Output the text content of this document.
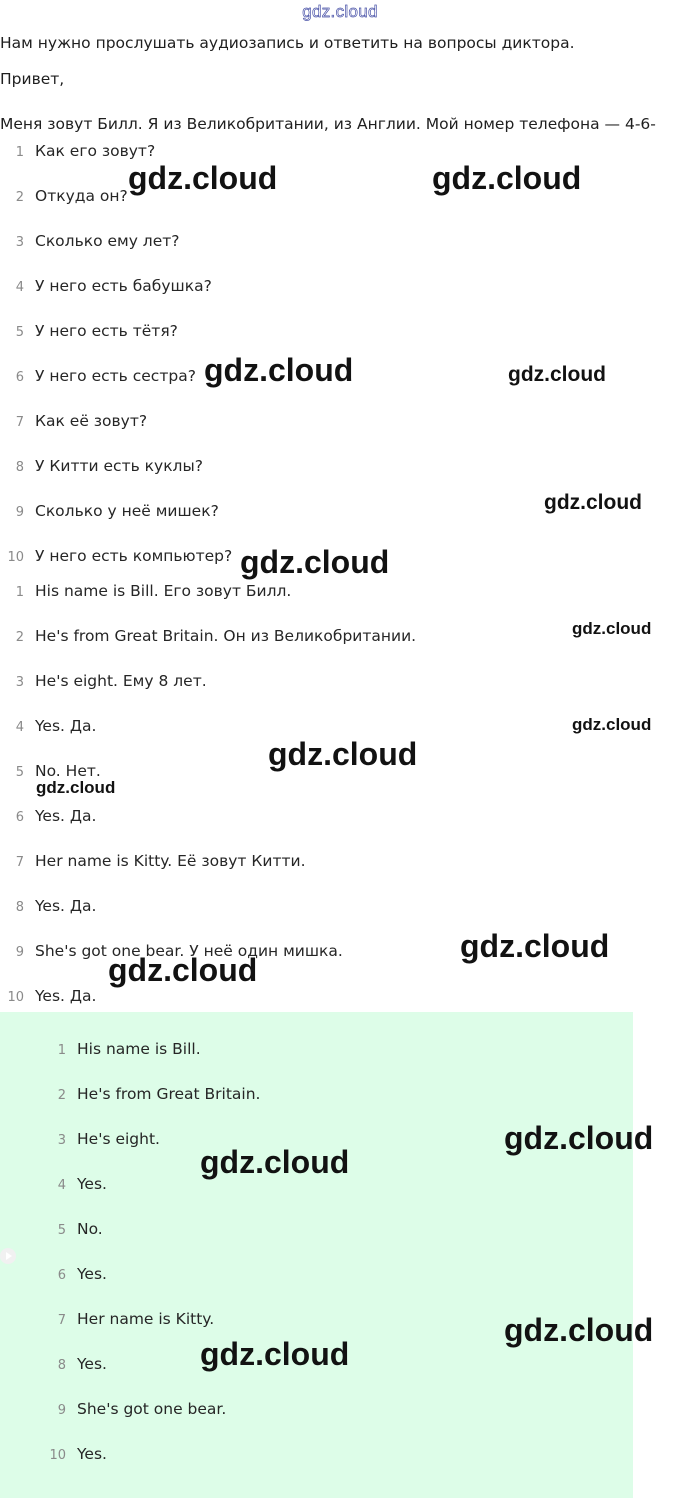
gdz.cloud
Нам нужно прослушать аудиозапись и ответить на вопросы диктора.
Привет,
Меня зовут Билл. Я из Великобритании, из Англии. Мой номер телефона — 4-6-
1 Как его зовут?
2 Откуда он?
3 Сколько ему лет?
4 У него есть бабушка?
5 У него есть тётя?
6 У него есть сестра?
7 Как её зовут?
8 У Китти есть куклы?
9 Сколько у неё мишек?
10 У него есть компьютер?
1 His name is Bill. Его зовут Билл.
2 He's from Great Britain. Он из Великобритании.
3 He's eight. Ему 8 лет.
4 Yes. Да.
5 No. Нет.
6 Yes. Да.
7 Her name is Kitty. Её зовут Китти.
8 Yes. Да.
9 She's got one bear. У неё один мишка.
10 Yes. Да.
1 His name is Bill.
2 He's from Great Britain.
3 He's eight.
4 Yes.
5 No.
6 Yes.
7 Her name is Kitty.
8 Yes.
9 She's got one bear.
10 Yes.
gdz.cloud	gdz.cloud
gdz.cloud	gdz.cloud
gdz.cloud
gdz.cloud
gdz.cloud
gdz.cloud
gdz.cloud
gdz.cloud
gdz.cloud
gdz.cloud
gdz.cloud
gdz.cloud
gdz.cloud
gdz.cloud
